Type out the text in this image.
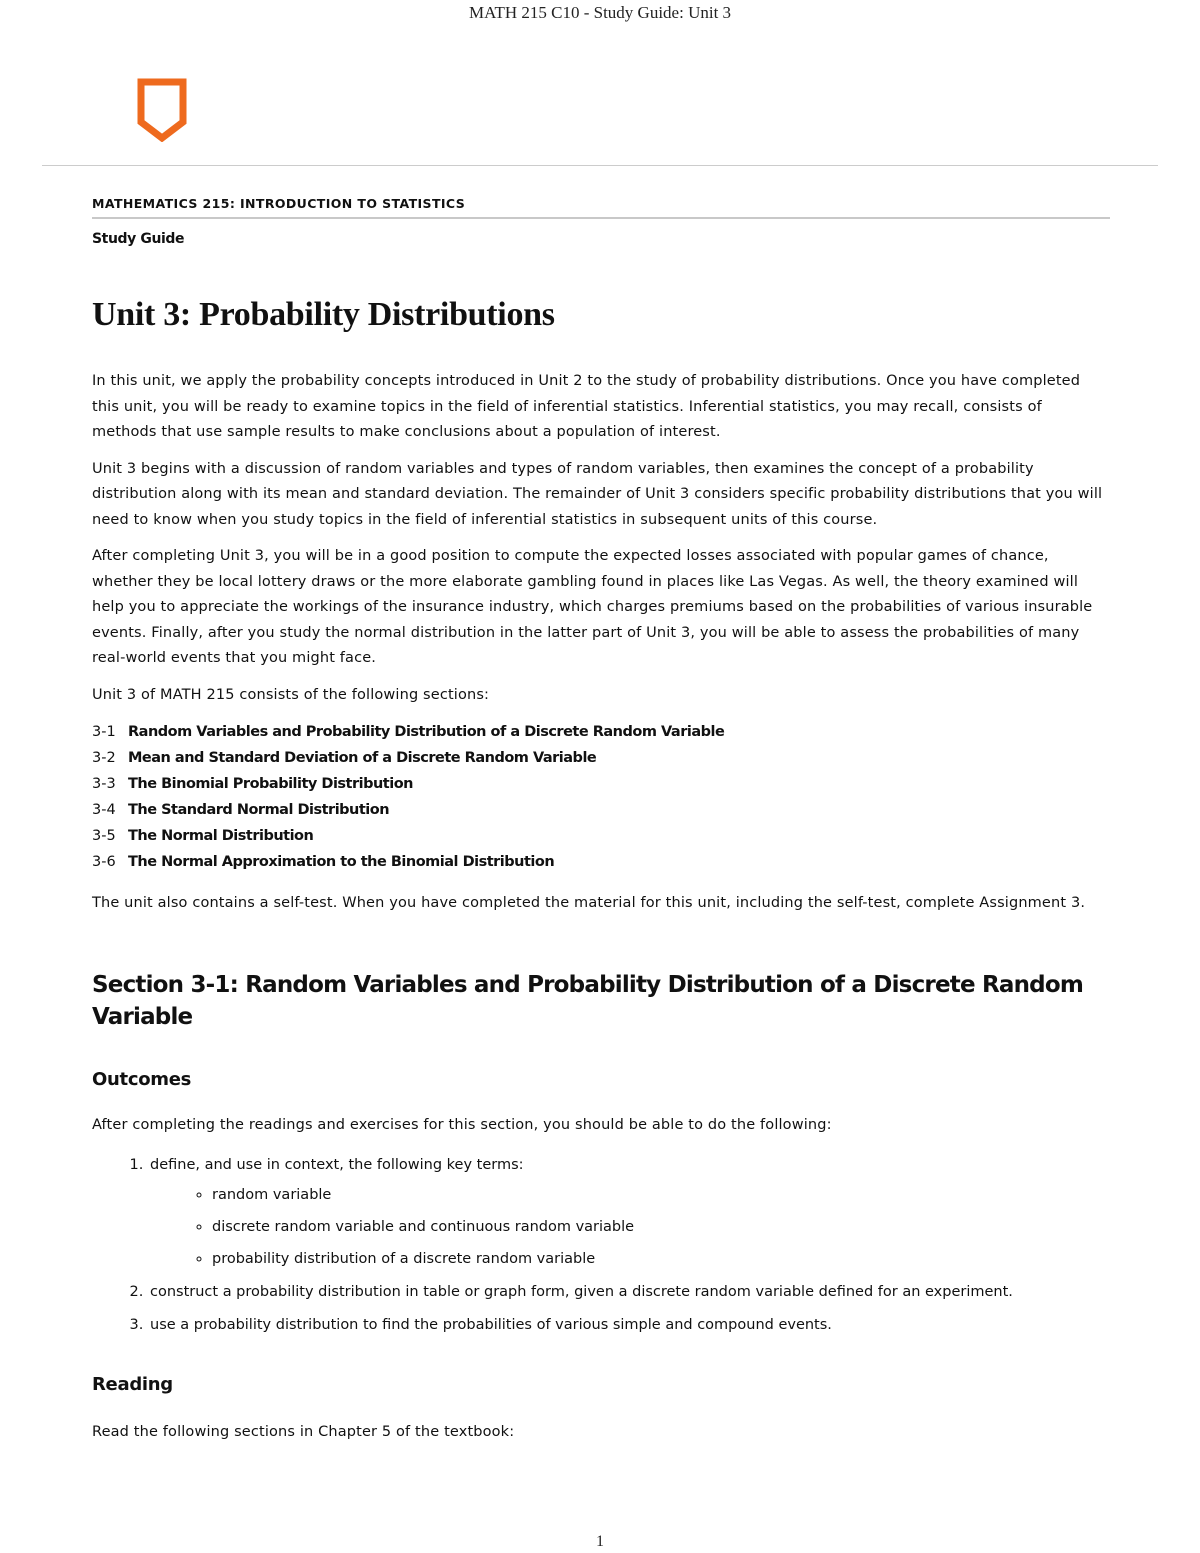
MATH 215 C10 - Study Guide: Unit 3
MATHEMATICS 215: INTRODUCTION TO STATISTICS
Study Guide
Unit 3: Probability Distributions

In this unit, we apply the probability concepts introduced in Unit 2 to the study of probability distributions. Once you have completed this unit, you will be ready to examine topics in the field of inferential statistics. Inferential statistics, you may recall, consists of methods that use sample results to make conclusions about a population of interest.

Unit 3 begins with a discussion of random variables and types of random variables, then examines the concept of a probability distribution along with its mean and standard deviation. The remainder of Unit 3 considers specific probability distributions that you will need to know when you study topics in the field of inferential statistics in subsequent units of this course.

After completing Unit 3, you will be in a good position to compute the expected losses associated with popular games of chance, whether they be local lottery draws or the more elaborate gambling found in places like Las Vegas. As well, the theory examined will help you to appreciate the workings of the insurance industry, which charges premiums based on the probabilities of various insurable events. Finally, after you study the normal distribution in the latter part of Unit 3, you will be able to assess the probabilities of many real-world events that you might face.

Unit 3 of MATH 215 consists of the following sections:

3-1 Random Variables and Probability Distribution of a Discrete Random Variable
3-2 Mean and Standard Deviation of a Discrete Random Variable
3-3 The Binomial Probability Distribution
3-4 The Standard Normal Distribution
3-5 The Normal Distribution
3-6 The Normal Approximation to the Binomial Distribution

The unit also contains a self-test. When you have completed the material for this unit, including the self-test, complete Assignment 3.

Section 3-1: Random Variables and Probability Distribution of a Discrete Random Variable
Outcomes

After completing the readings and exercises for this section, you should be able to do the following:

1. define, and use in context, the following key terms:
◦ random variable
◦ discrete random variable and continuous random variable
◦ probability distribution of a discrete random variable
2. construct a probability distribution in table or graph form, given a discrete random variable defined for an experiment.
3. use a probability distribution to find the probabilities of various simple and compound events.
Reading

Read the following sections in Chapter 5 of the textbook:

1
